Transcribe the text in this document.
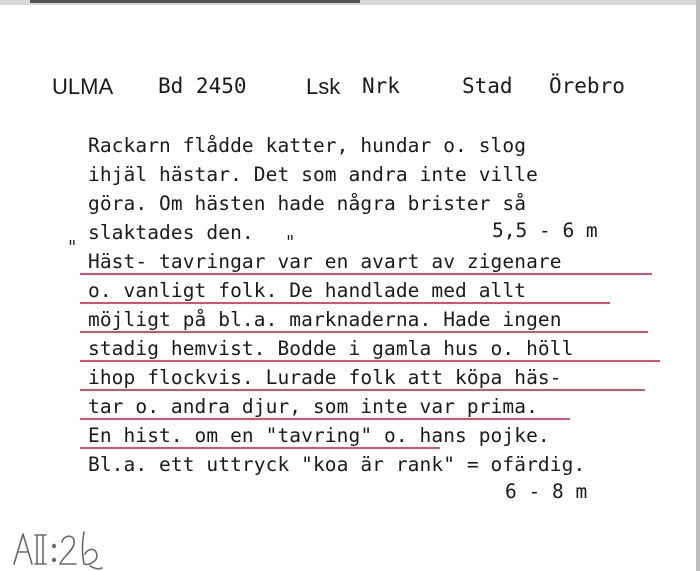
ULMA Bd 2450	Lsk Nrk	Stad Örebro
Rackarn flådde katter, hundar o. slog
ihjäl hästar. Det som andra inte ville
göra. Om hästen hade några brister så
slaktades den.	5,5 - 6 m
"	"
Häst- tavringar var en avart av zigenare
o. vanligt folk. De handlade med allt
möjligt på bl.a. marknaderna. Hade ingen
stadig hemvist. Bodde i gamla hus o. höll
ihop flockvis. Lurade folk att köpa häs-
tar o. andra djur, som inte var prima.
En hist. om en "tavring" o. hans pojke.
Bl.a. ett uttryck "koa är rank" = ofärdig.
6 - 8 m
